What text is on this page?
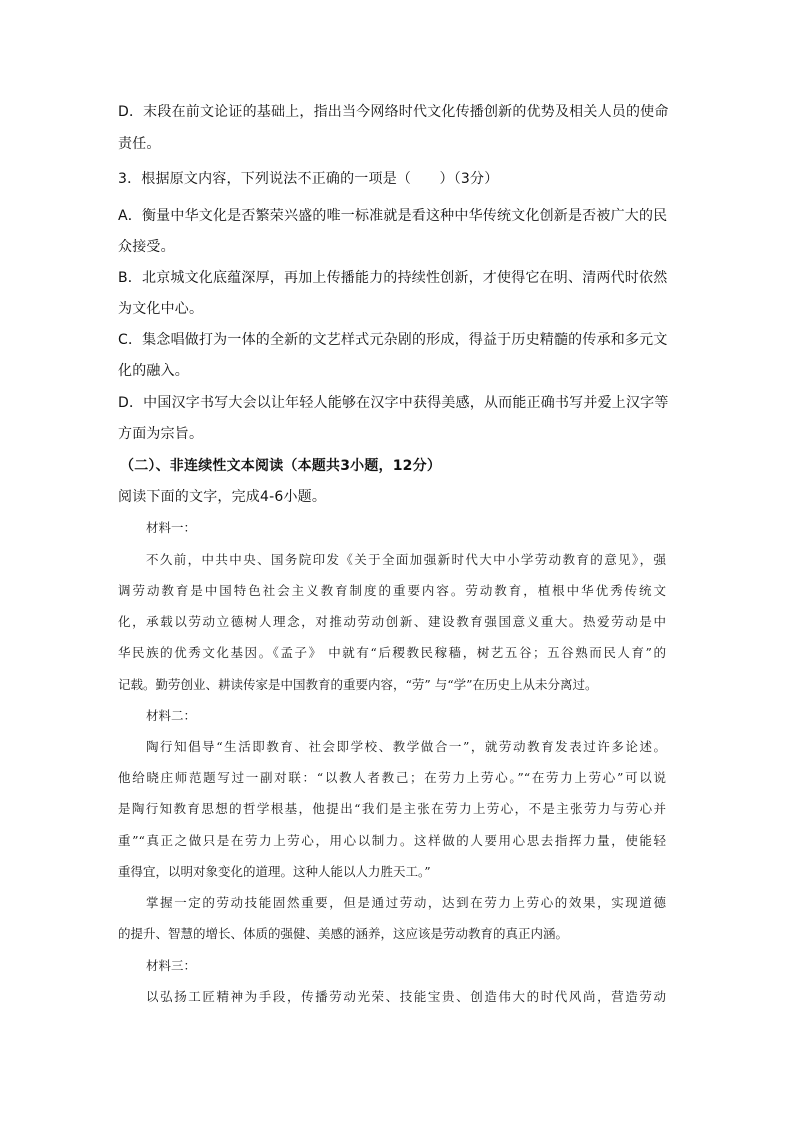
D．末段在前文论证的基础上，指出当今网络时代文化传播创新的优势及相关人员的使命
责任。
3．根据原文内容，下列说法不正确的一项是（　　）（3分）
A．衡量中华文化是否繁荣兴盛的唯一标准就是看这种中华传统文化创新是否被广大的民
众接受。
B．北京城文化底蕴深厚，再加上传播能力的持续性创新，才使得它在明、清两代时依然
为文化中心。
C．集念唱做打为一体的全新的文艺样式元杂剧的形成，得益于历史精髓的传承和多元文
化的融入。
D．中国汉字书写大会以让年轻人能够在汉字中获得美感，从而能正确书写并爱上汉字等
方面为宗旨。
（二）、非连续性文本阅读（本题共3小题，12分）
阅读下面的文字，完成4-6小题。
材料一：
不久前，中共中央、国务院印发《关于全面加强新时代大中小学劳动教育的意见》，强
调劳动教育是中国特色社会主义教育制度的重要内容。劳动教育，植根中华优秀传统文
化，承载以劳动立德树人理念，对推动劳动创新、建设教育强国意义重大。热爱劳动是中
华民族的优秀文化基因。《孟子》 中就有“后稷教民稼穑，树艺五谷；五谷熟而民人育”的
记载。勤劳创业、耕读传家是中国教育的重要内容，“劳” 与“学”在历史上从未分离过。
材料二：
陶行知倡导“生活即教育、社会即学校、教学做合一”，就劳动教育发表过许多论述。
他给晓庄师范题写过一副对联：“以教人者教己；在劳力上劳心。”“在劳力上劳心”可以说
是陶行知教育思想的哲学根基，他提出“我们是主张在劳力上劳心，不是主张劳力与劳心并
重”“真正之做只是在劳力上劳心，用心以制力。这样做的人要用心思去指挥力量，使能轻
重得宜，以明对象变化的道理。这种人能以人力胜天工。”
掌握一定的劳动技能固然重要，但是通过劳动，达到在劳力上劳心的效果，实现道德
的提升、智慧的增长、体质的强健、美感的涵养，这应该是劳动教育的真正内涵。
材料三：
以弘扬工匠精神为手段，传播劳动光荣、技能宝贵、创造伟大的时代风尚，营造劳动
